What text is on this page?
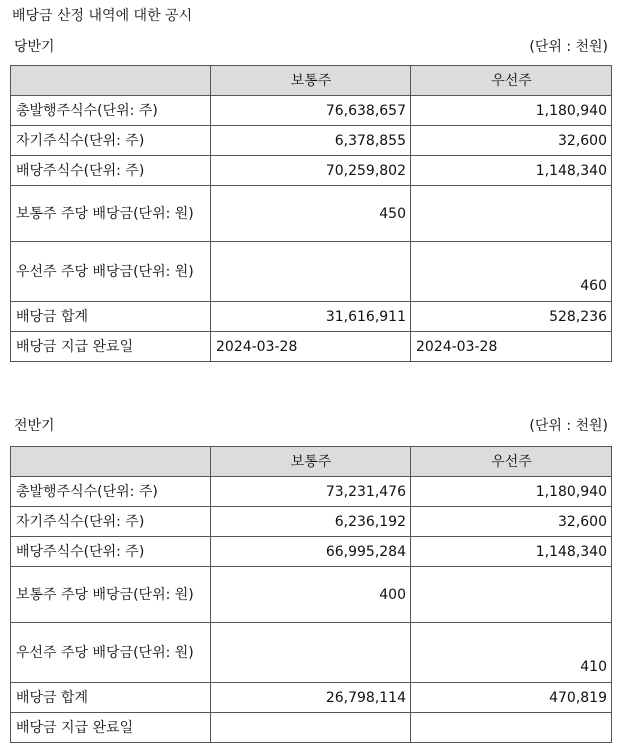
배당금 산정 내역에 대한 공시
당반기	(단위 : 천원)
	보통주	우선주
총발행주식수(단위: 주)	76,638,657	1,180,940
자기주식수(단위: 주)	6,378,855	32,600
배당주식수(단위: 주)	70,259,802	1,148,340
보통주 주당 배당금(단위: 원)	450	
우선주 주당 배당금(단위: 원)		460
배당금 합계	31,616,911	528,236
배당금 지급 완료일	2024-03-28	2024-03-28
전반기	(단위 : 천원)
	보통주	우선주
총발행주식수(단위: 주)	73,231,476	1,180,940
자기주식수(단위: 주)	6,236,192	32,600
배당주식수(단위: 주)	66,995,284	1,148,340
보통주 주당 배당금(단위: 원)	400	
우선주 주당 배당금(단위: 원)		410
배당금 합계	26,798,114	470,819
배당금 지급 완료일		
